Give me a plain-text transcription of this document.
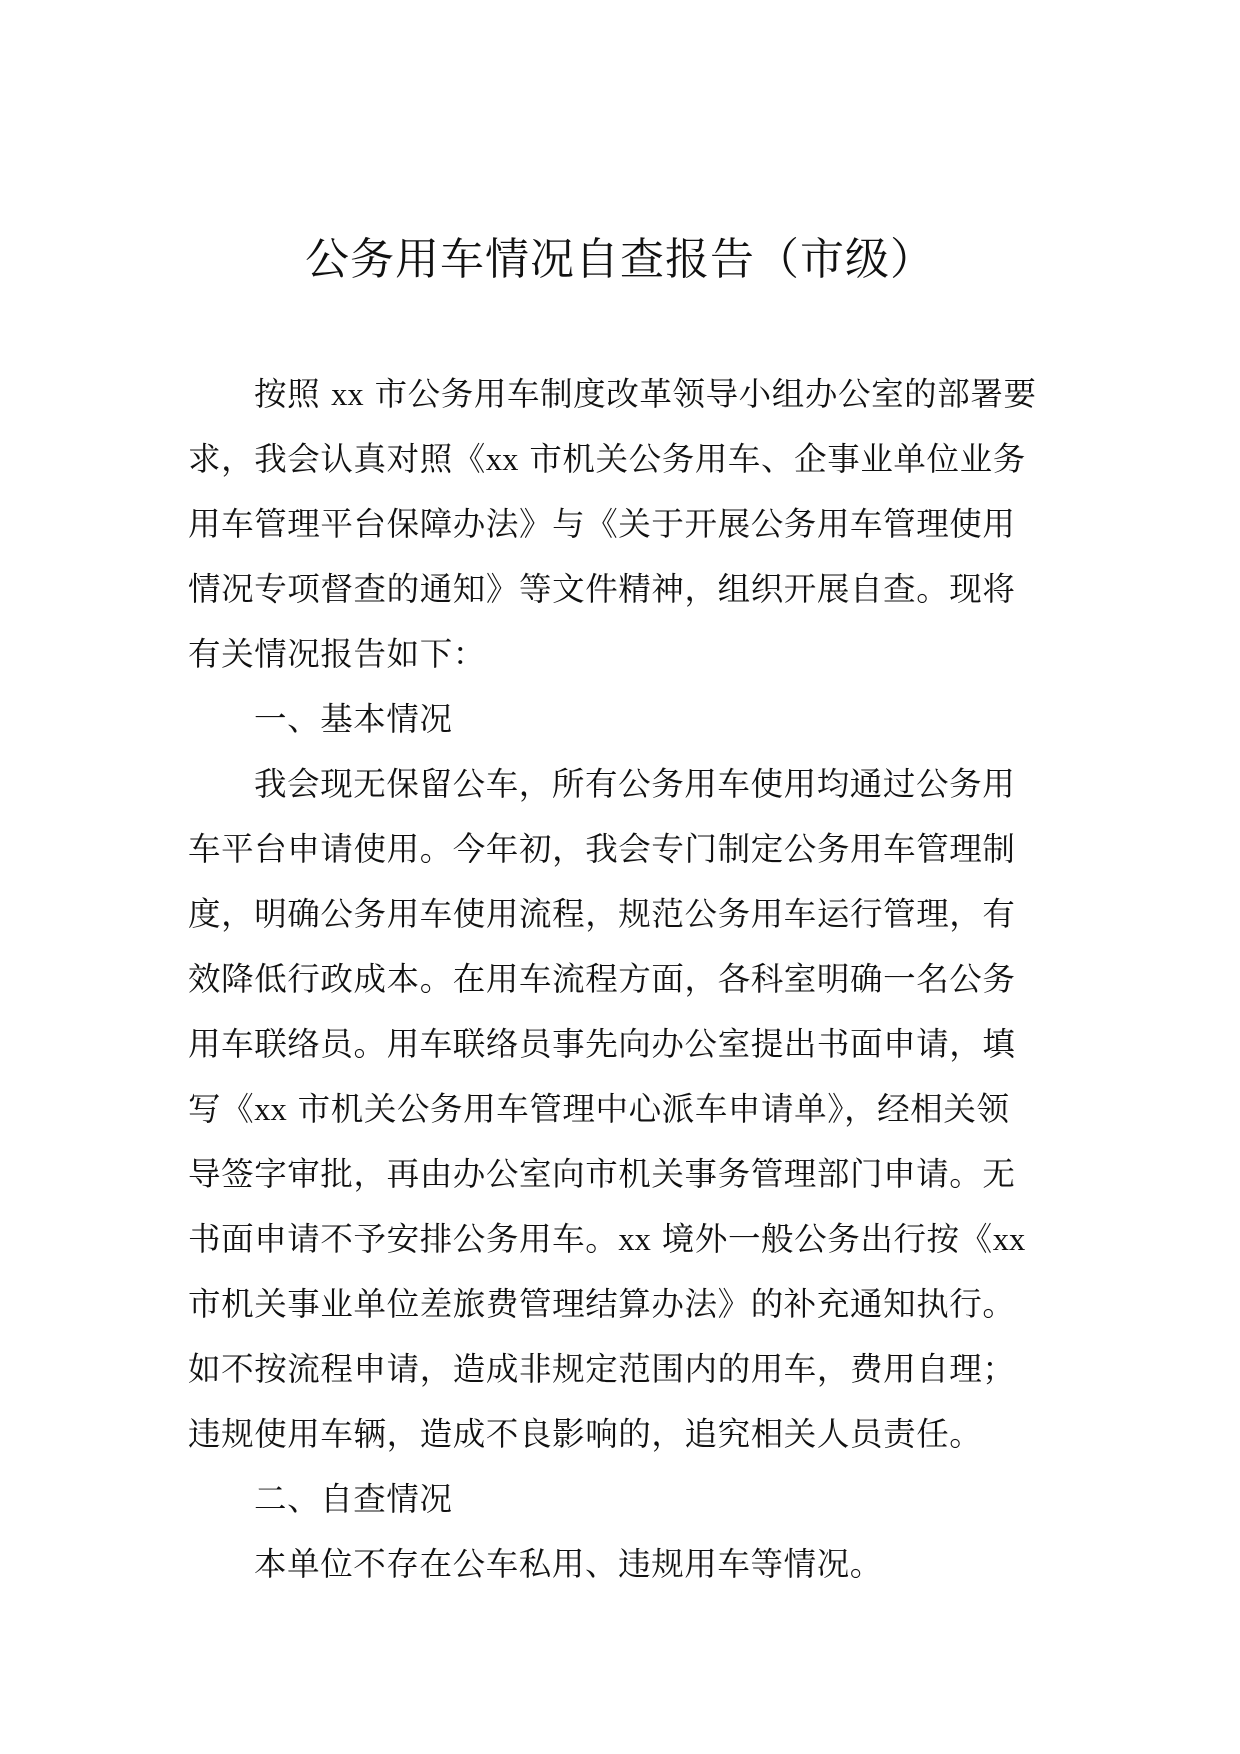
公务用车情况自查报告（市级）
按照 xx 市公务用车制度改革领导小组办公室的部署要
求，我会认真对照《xx 市机关公务用车、企事业单位业务
用车管理平台保障办法》与《关于开展公务用车管理使用
情况专项督查的通知》等文件精神，组织开展自查。现将
有关情况报告如下：
一、基本情况
我会现无保留公车，所有公务用车使用均通过公务用
车平台申请使用。今年初，我会专门制定公务用车管理制
度，明确公务用车使用流程，规范公务用车运行管理，有
效降低行政成本。在用车流程方面，各科室明确一名公务
用车联络员。用车联络员事先向办公室提出书面申请，填
写《xx 市机关公务用车管理中心派车申请单》，经相关领
导签字审批，再由办公室向市机关事务管理部门申请。无
书面申请不予安排公务用车。xx 境外一般公务出行按《xx
市机关事业单位差旅费管理结算办法》的补充通知执行。
如不按流程申请，造成非规定范围内的用车，费用自理；
违规使用车辆，造成不良影响的，追究相关人员责任。
二、自查情况
本单位不存在公车私用、违规用车等情况。
